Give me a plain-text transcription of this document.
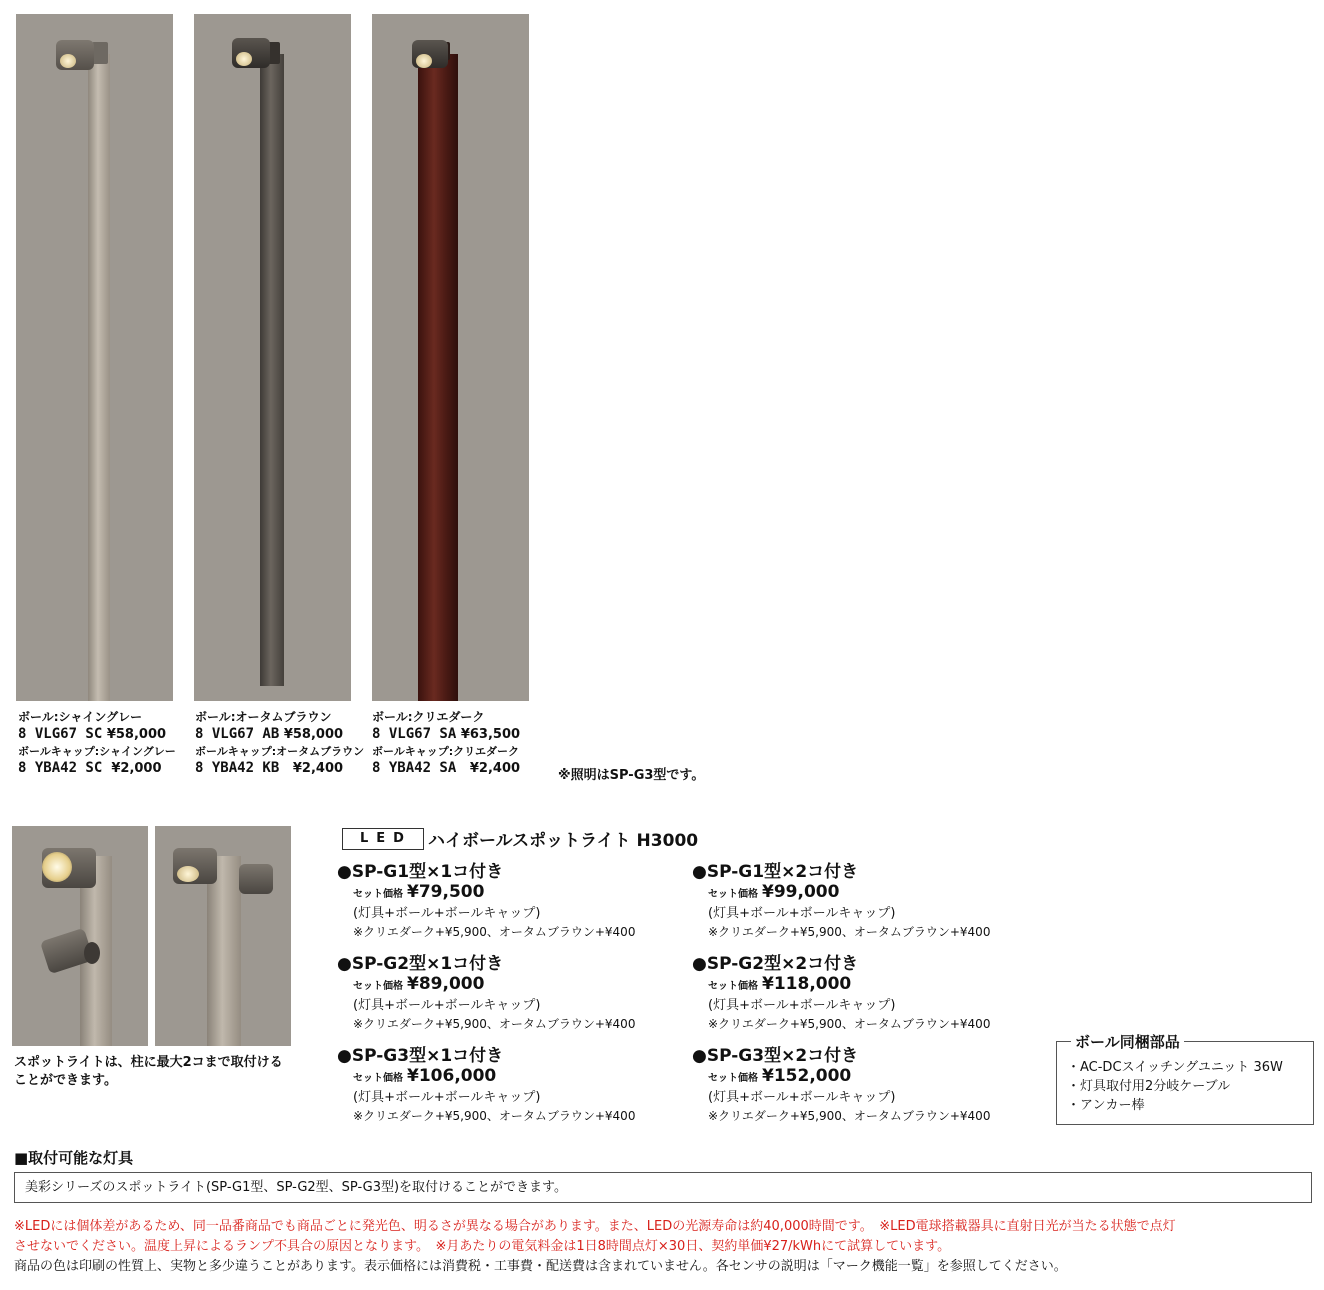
ボール:シャイングレー
8 VLG67 SC ¥58,000
ボールキャップ:シャイングレー
8 YBA42 SC ¥2,000
ボール:オータムブラウン
8 VLG67 AB ¥58,000
ボールキャップ:オータムブラウン
8 YBA42 KB ¥2,400
ボール:クリエダーク
8 VLG67 SA ¥63,500
ボールキャップ:クリエダーク
8 YBA42 SA ¥2,400	※照明はSP-G3型です。
スポットライトは、柱に最大2コまで取付けることができます。
LED ハイボールスポットライト H3000
●SP-G1型×1コ付き
セット価格 ¥79,500
(灯具+ボール+ボールキャップ)
※クリエダーク+¥5,900、オータムブラウン+¥400
●SP-G1型×2コ付き
セット価格 ¥99,000
(灯具+ボール+ボールキャップ)
※クリエダーク+¥5,900、オータムブラウン+¥400
●SP-G2型×1コ付き
セット価格 ¥89,000
(灯具+ボール+ボールキャップ)
※クリエダーク+¥5,900、オータムブラウン+¥400
●SP-G2型×2コ付き
セット価格 ¥118,000
(灯具+ボール+ボールキャップ)
※クリエダーク+¥5,900、オータムブラウン+¥400
●SP-G3型×1コ付き
セット価格 ¥106,000
(灯具+ボール+ボールキャップ)
※クリエダーク+¥5,900、オータムブラウン+¥400
●SP-G3型×2コ付き
セット価格 ¥152,000
(灯具+ボール+ボールキャップ)
※クリエダーク+¥5,900、オータムブラウン+¥400
ボール同梱部品
・AC-DCスイッチングユニット 36W
・灯具取付用2分岐ケーブル
・アンカー棒
■取付可能な灯具
美彩シリーズのスポットライト(SP-G1型、SP-G2型、SP-G3型)を取付けることができます。
※LEDには個体差があるため、同一品番商品でも商品ごとに発光色、明るさが異なる場合があります。また、LEDの光源寿命は約40,000時間です。　※LED電球搭載器具に直射日光が当たる状態で点灯
させないでください。温度上昇によるランプ不具合の原因となります。　※月あたりの電気料金は1日8時間点灯×30日、契約単価¥27/kWhにて試算しています。
商品の色は印刷の性質上、実物と多少違うことがあります。表示価格には消費税・工事費・配送費は含まれていません。各センサの説明は「マーク機能一覧」を参照してください。
